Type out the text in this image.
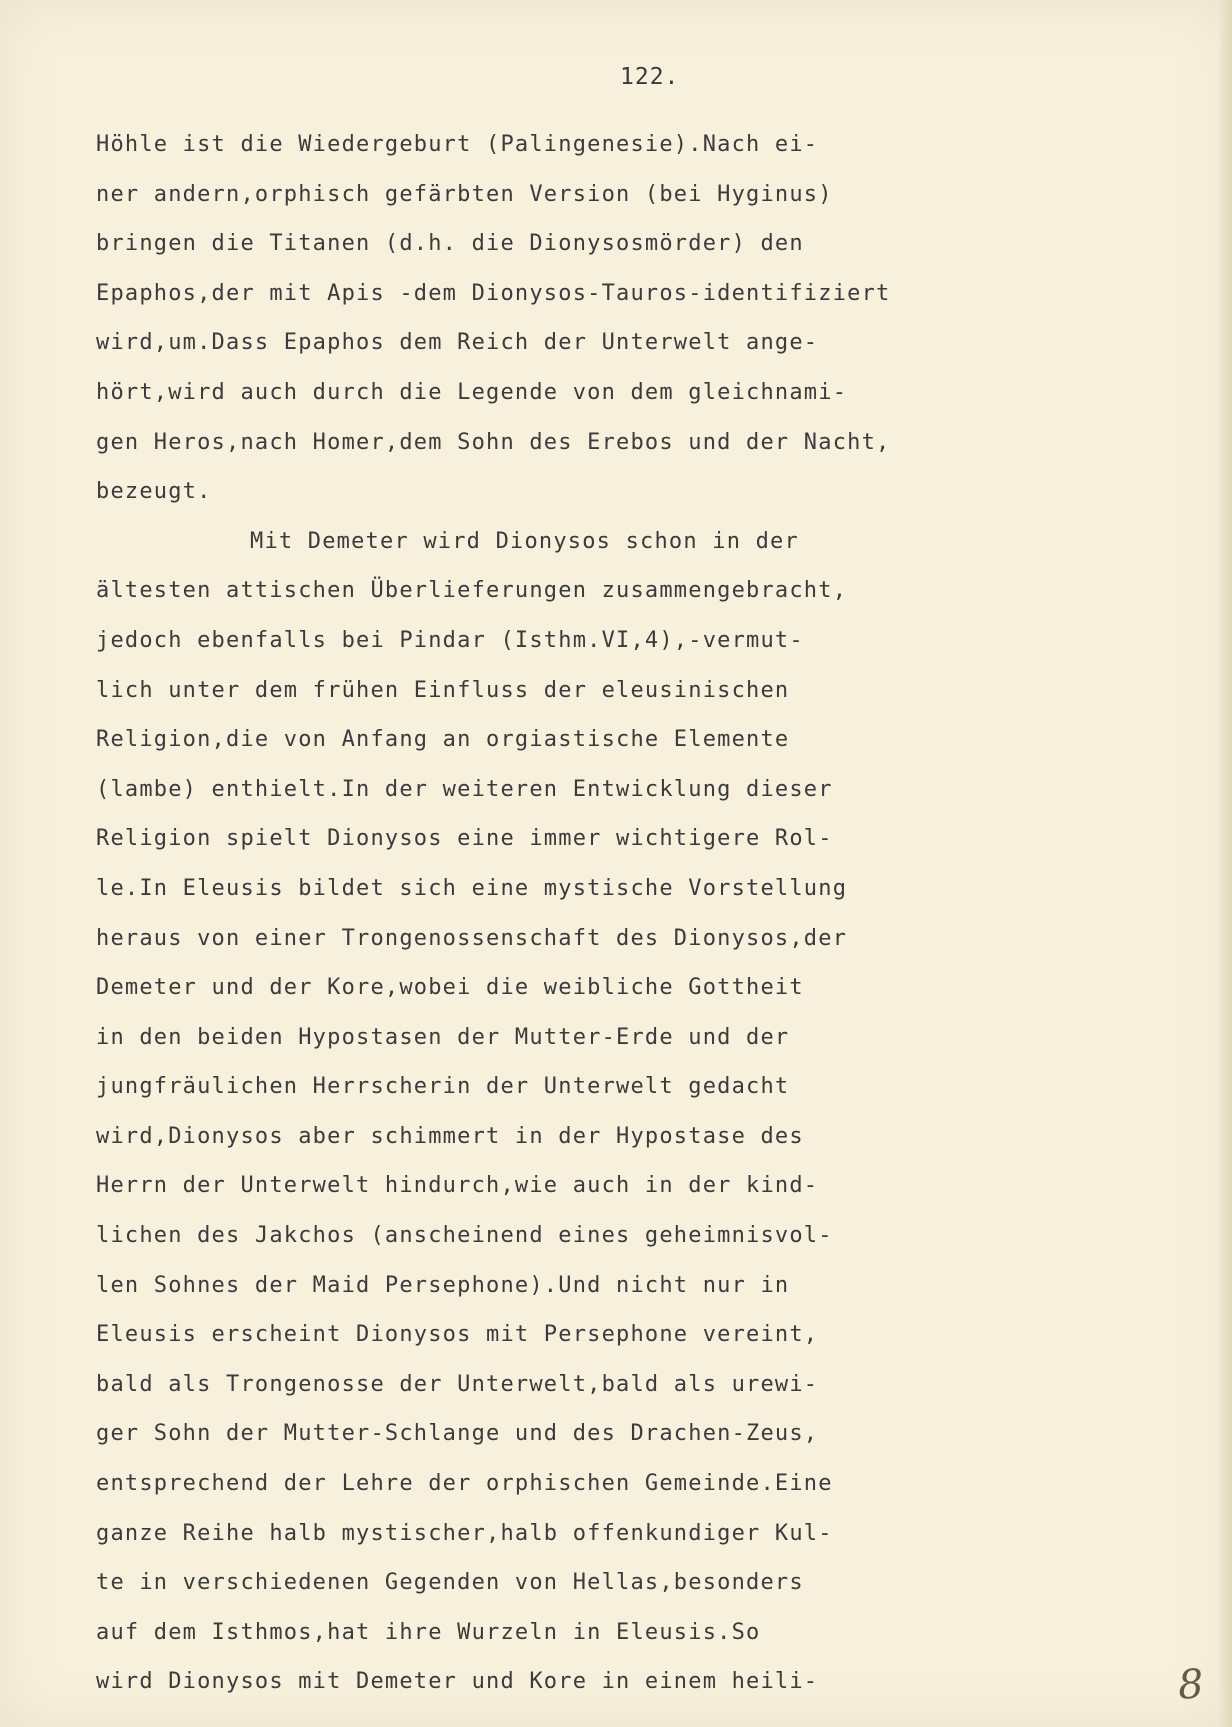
122.
Höhle ist die Wiedergeburt (Palingenesie).Nach ei-
ner andern,orphisch gefärbten Version (bei Hyginus)
bringen die Titanen (d.h. die Dionysosmörder) den
Epaphos,der mit Apis -dem Dionysos-Tauros-identifiziert
wird,um.Dass Epaphos dem Reich der Unterwelt ange-
hört,wird auch durch die Legende von dem gleichnami-
gen Heros,nach Homer,dem Sohn des Erebos und der Nacht,
bezeugt.
Mit Demeter wird Dionysos schon in der
ältesten attischen Überlieferungen zusammengebracht,
jedoch ebenfalls bei Pindar (Isthm.VI,4),-vermut-
lich unter dem frühen Einfluss der eleusinischen
Religion,die von Anfang an orgiastische Elemente
(lambe) enthielt.In der weiteren Entwicklung dieser
Religion spielt Dionysos eine immer wichtigere Rol-
le.In Eleusis bildet sich eine mystische Vorstellung
heraus von einer Trongenossenschaft des Dionysos,der
Demeter und der Kore,wobei die weibliche Gottheit
in den beiden Hypostasen der Mutter-Erde und der
jungfräulichen Herrscherin der Unterwelt gedacht
wird,Dionysos aber schimmert in der Hypostase des
Herrn der Unterwelt hindurch,wie auch in der kind-
lichen des Jakchos (anscheinend eines geheimnisvol-
len Sohnes der Maid Persephone).Und nicht nur in
Eleusis erscheint Dionysos mit Persephone vereint,
bald als Trongenosse der Unterwelt,bald als urewi-
ger Sohn der Mutter-Schlange und des Drachen-Zeus,
entsprechend der Lehre der orphischen Gemeinde.Eine
ganze Reihe halb mystischer,halb offenkundiger Kul-
te in verschiedenen Gegenden von Hellas,besonders
auf dem Isthmos,hat ihre Wurzeln in Eleusis.So
wird Dionysos mit Demeter und Kore in einem heili-	8
